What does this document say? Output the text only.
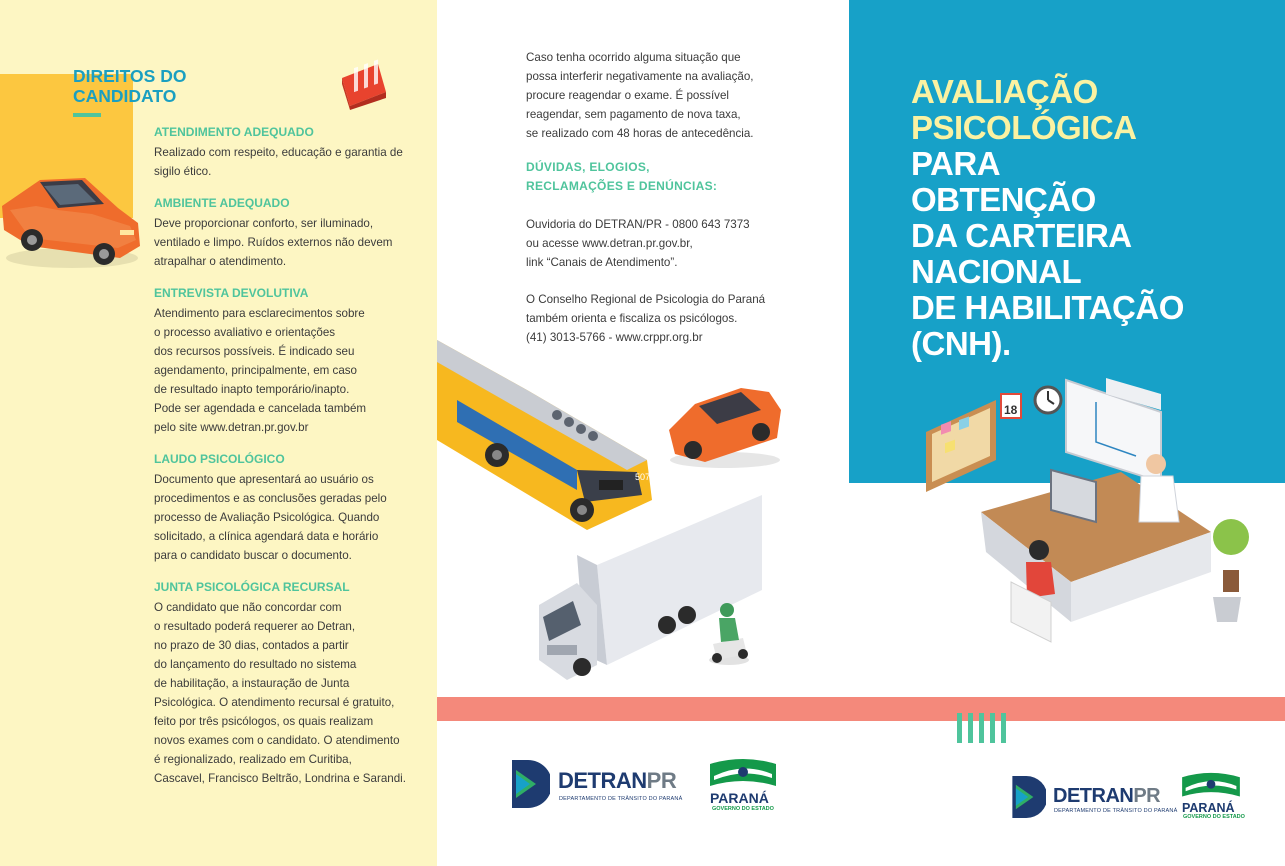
DIREITOS DO
CANDIDATO
ATENDIMENTO ADEQUADO

Realizado com respeito, educação e garantia de
sigilo ético.

AMBIENTE ADEQUADO

Deve proporcionar conforto, ser iluminado,
ventilado e limpo. Ruídos externos não devem
atrapalhar o atendimento.

ENTREVISTA DEVOLUTIVA

Atendimento para esclarecimentos sobre
o processo avaliativo e orientações
dos recursos possíveis. É indicado seu
agendamento, principalmente, em caso
de resultado inapto temporário/inapto.
Pode ser agendada e cancelada também
pelo site www.detran.pr.gov.br

LAUDO PSICOLÓGICO

Documento que apresentará ao usuário os
procedimentos e as conclusões geradas pelo
processo de Avaliação Psicológica. Quando
solicitado, a clínica agendará data e horário
para o candidato buscar o documento.

JUNTA PSICOLÓGICA RECURSAL

O candidato que não concordar com
o resultado poderá requerer ao Detran,
no prazo de 30 dias, contados a partir
do lançamento do resultado no sistema
de habilitação, a instauração de Junta
Psicológica. O atendimento recursal é gratuito,
feito por três psicólogos, os quais realizam
novos exames com o candidato. O atendimento
é regionalizado, realizado em Curitiba,
Cascavel, Francisco Beltrão, Londrina e Sarandi.

Caso tenha ocorrido alguma situação que
possa interferir negativamente na avaliação,
procure reagendar o exame. É possível
reagendar, sem pagamento de nova taxa,
se realizado com 48 horas de antecedência.

DÚVIDAS, ELOGIOS,
RECLAMAÇÕES E DENÚNCIAS:

Ouvidoria do DETRAN/PR - 0800 643 7373
ou acesse www.detran.pr.gov.br,
link “Canais de Atendimento”.

O Conselho Regional de Psicologia do Paraná
também orienta e fiscaliza os psicólogos.
(41) 3013-5766 - www.crppr.org.br

507
AVALIAÇÃO
PSICOLÓGICA
PARA
OBTENÇÃO
DA CARTEIRA
NACIONAL
DE HABILITAÇÃO
(CNH).
18
DETRANPR
DEPARTAMENTO DE TRÂNSITO DO PARANÁ PARANÁ
GOVERNO DO ESTADO
DETRANPR
DEPARTAMENTO DE TRÂNSITO DO PARANÁ PARANÁ
GOVERNO DO ESTADO
